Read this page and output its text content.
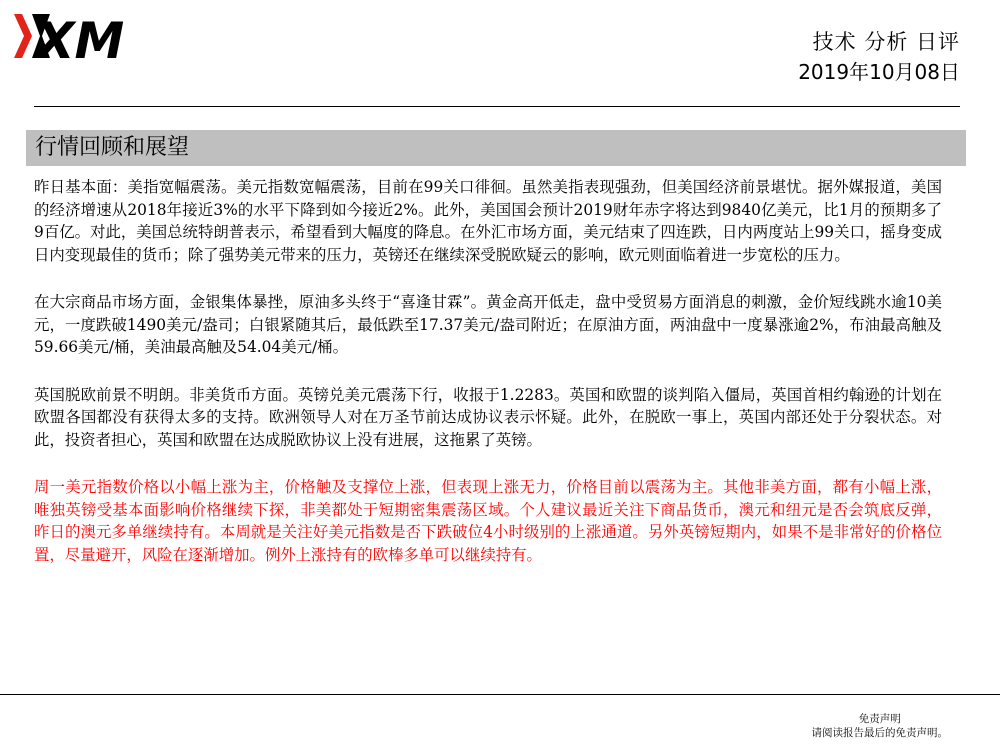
XM	技术 分析 日评
2019年10月08日
行情回顾和展望

昨日基本面：美指宽幅震荡。美元指数宽幅震荡，目前在99关口徘徊。虽然美指表现强劲，但美国经济前景堪忧。据外媒报道，美国的经济增速从2018年接近3%的水平下降到如今接近2%。此外，美国国会预计2019财年赤字将达到9840亿美元，比1月的预期多了9百亿。对此，美国总统特朗普表示，希望看到大幅度的降息。在外汇市场方面，美元结束了四连跌，日内两度站上99关口，摇身变成日内变现最佳的货币；除了强势美元带来的压力，英镑还在继续深受脱欧疑云的影响，欧元则面临着进一步宽松的压力。

在大宗商品市场方面，金银集体暴挫，原油多头终于“喜逢甘霖”。黄金高开低走，盘中受贸易方面消息的刺激，金价短线跳水逾10美元，一度跌破1490美元/盎司；白银紧随其后，最低跌至17.37美元/盎司附近；在原油方面，两油盘中一度暴涨逾2%，布油最高触及59.66美元/桶，美油最高触及54.04美元/桶。

英国脱欧前景不明朗。非美货币方面。英镑兑美元震荡下行，收报于1.2283。英国和欧盟的谈判陷入僵局，英国首相约翰逊的计划在欧盟各国都没有获得太多的支持。欧洲领导人对在万圣节前达成协议表示怀疑。此外，在脱欧一事上，英国内部还处于分裂状态。对此，投资者担心，英国和欧盟在达成脱欧协议上没有进展，这拖累了英镑。

周一美元指数价格以小幅上涨为主，价格触及支撑位上涨，但表现上涨无力，价格目前以震荡为主。其他非美方面，都有小幅上涨，唯独英镑受基本面影响价格继续下探，非美都处于短期密集震荡区域。个人建议最近关注下商品货币，澳元和纽元是否会筑底反弹，昨日的澳元多单继续持有。本周就是关注好美元指数是否下跌破位4小时级别的上涨通道。另外英镑短期内，如果不是非常好的价格位置，尽量避开，风险在逐渐增加。例外上涨持有的欧棒多单可以继续持有。

免责声明
请阅读报告最后的免责声明。
